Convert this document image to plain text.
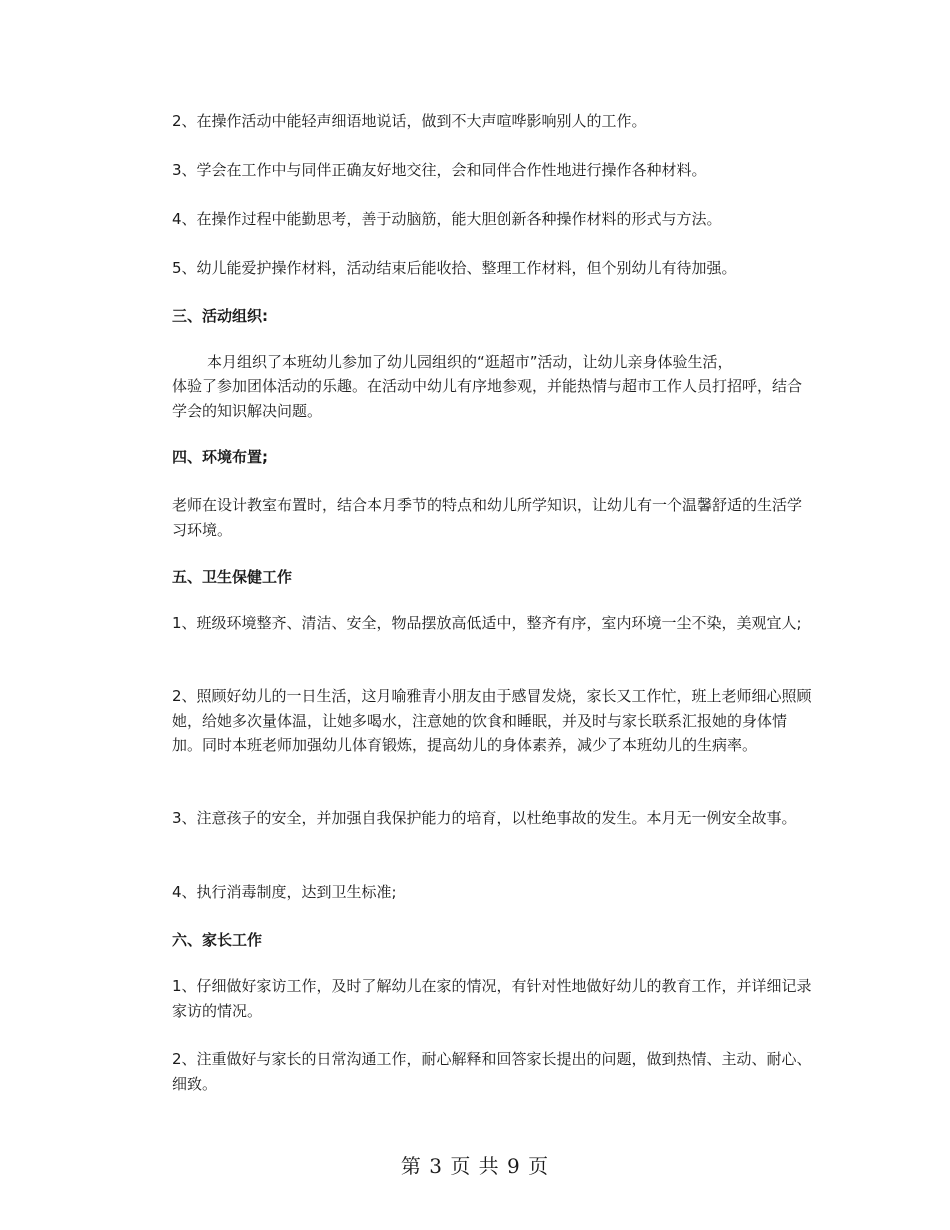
2、在操作活动中能轻声细语地说话，做到不大声喧哗影响别人的工作。

3、学会在工作中与同伴正确友好地交往，会和同伴合作性地进行操作各种材料。

4、在操作过程中能勤思考，善于动脑筋，能大胆创新各种操作材料的形式与方法。

5、幼儿能爱护操作材料，活动结束后能收拾、整理工作材料，但个别幼儿有待加强。

三、活动组织:

本月组织了本班幼儿参加了幼儿园组织的“逛超市”活动，让幼儿亲身体验生活，

体验了参加团体活动的乐趣。在活动中幼儿有序地参观，并能热情与超市工作人员打招呼，结合学会的知识解决问题。

四、环境布置;

老师在设计教室布置时，结合本月季节的特点和幼儿所学知识，让幼儿有一个温馨舒适的生活学习环境。

五、卫生保健工作

1、班级环境整齐、清洁、安全，物品摆放高低适中，整齐有序，室内环境一尘不染，美观宜人;

2、照顾好幼儿的一日生活，这月喻雅青小朋友由于感冒发烧，家长又工作忙，班上老师细心照顾她，给她多次量体温，让她多喝水，注意她的饮食和睡眠，并及时与家长联系汇报她的身体情加。同时本班老师加强幼儿体育锻炼，提高幼儿的身体素养，减少了本班幼儿的生病率。

3、注意孩子的安全，并加强自我保护能力的培育，以杜绝事故的发生。本月无一例安全故事。

4、执行消毒制度，达到卫生标准;

六、家长工作

1、仔细做好家访工作，及时了解幼儿在家的情况，有针对性地做好幼儿的教育工作，并详细记录家访的情况。

2、注重做好与家长的日常沟通工作，耐心解释和回答家长提出的问题，做到热情、主动、耐心、细致。

第 3 页 共 9 页
